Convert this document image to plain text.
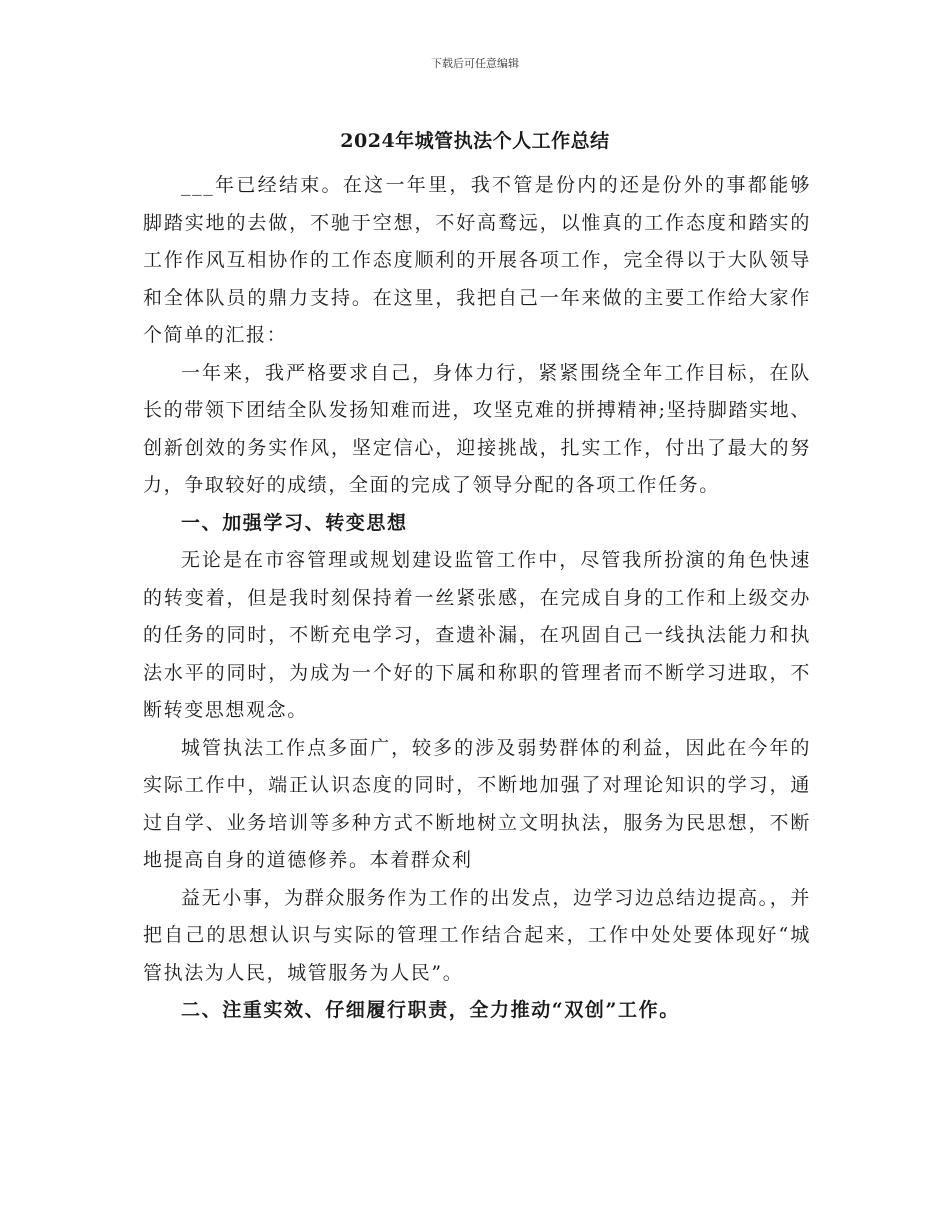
下载后可任意编辑
2024年城管执法个人工作总结

___年已经结束。在这一年里，我不管是份内的还是份外的事都能够脚踏实地的去做，不驰于空想，不好高鹜远，以惟真的工作态度和踏实的工作作风互相协作的工作态度顺利的开展各项工作，完全得以于大队领导和全体队员的鼎力支持。在这里，我把自己一年来做的主要工作给大家作个简单的汇报：

一年来，我严格要求自己，身体力行，紧紧围绕全年工作目标，在队长的带领下团结全队发扬知难而进，攻坚克难的拼搏精神;坚持脚踏实地、创新创效的务实作风，坚定信心，迎接挑战，扎实工作，付出了最大的努力，争取较好的成绩，全面的完成了领导分配的各项工作任务。

一、加强学习、转变思想

无论是在市容管理或规划建设监管工作中，尽管我所扮演的角色快速的转变着，但是我时刻保持着一丝紧张感，在完成自身的工作和上级交办的任务的同时，不断充电学习，查遗补漏，在巩固自己一线执法能力和执法水平的同时，为成为一个好的下属和称职的管理者而不断学习进取，不断转变思想观念。

城管执法工作点多面广，较多的涉及弱势群体的利益，因此在今年的实际工作中，端正认识态度的同时，不断地加强了对理论知识的学习，通过自学、业务培训等多种方式不断地树立文明执法，服务为民思想，不断地提高自身的道德修养。本着群众利

益无小事，为群众服务作为工作的出发点，边学习边总结边提高。，并把自己的思想认识与实际的管理工作结合起来，工作中处处要体现好“城管执法为人民，城管服务为人民”。

二、注重实效、仔细履行职责，全力推动“双创”工作。
